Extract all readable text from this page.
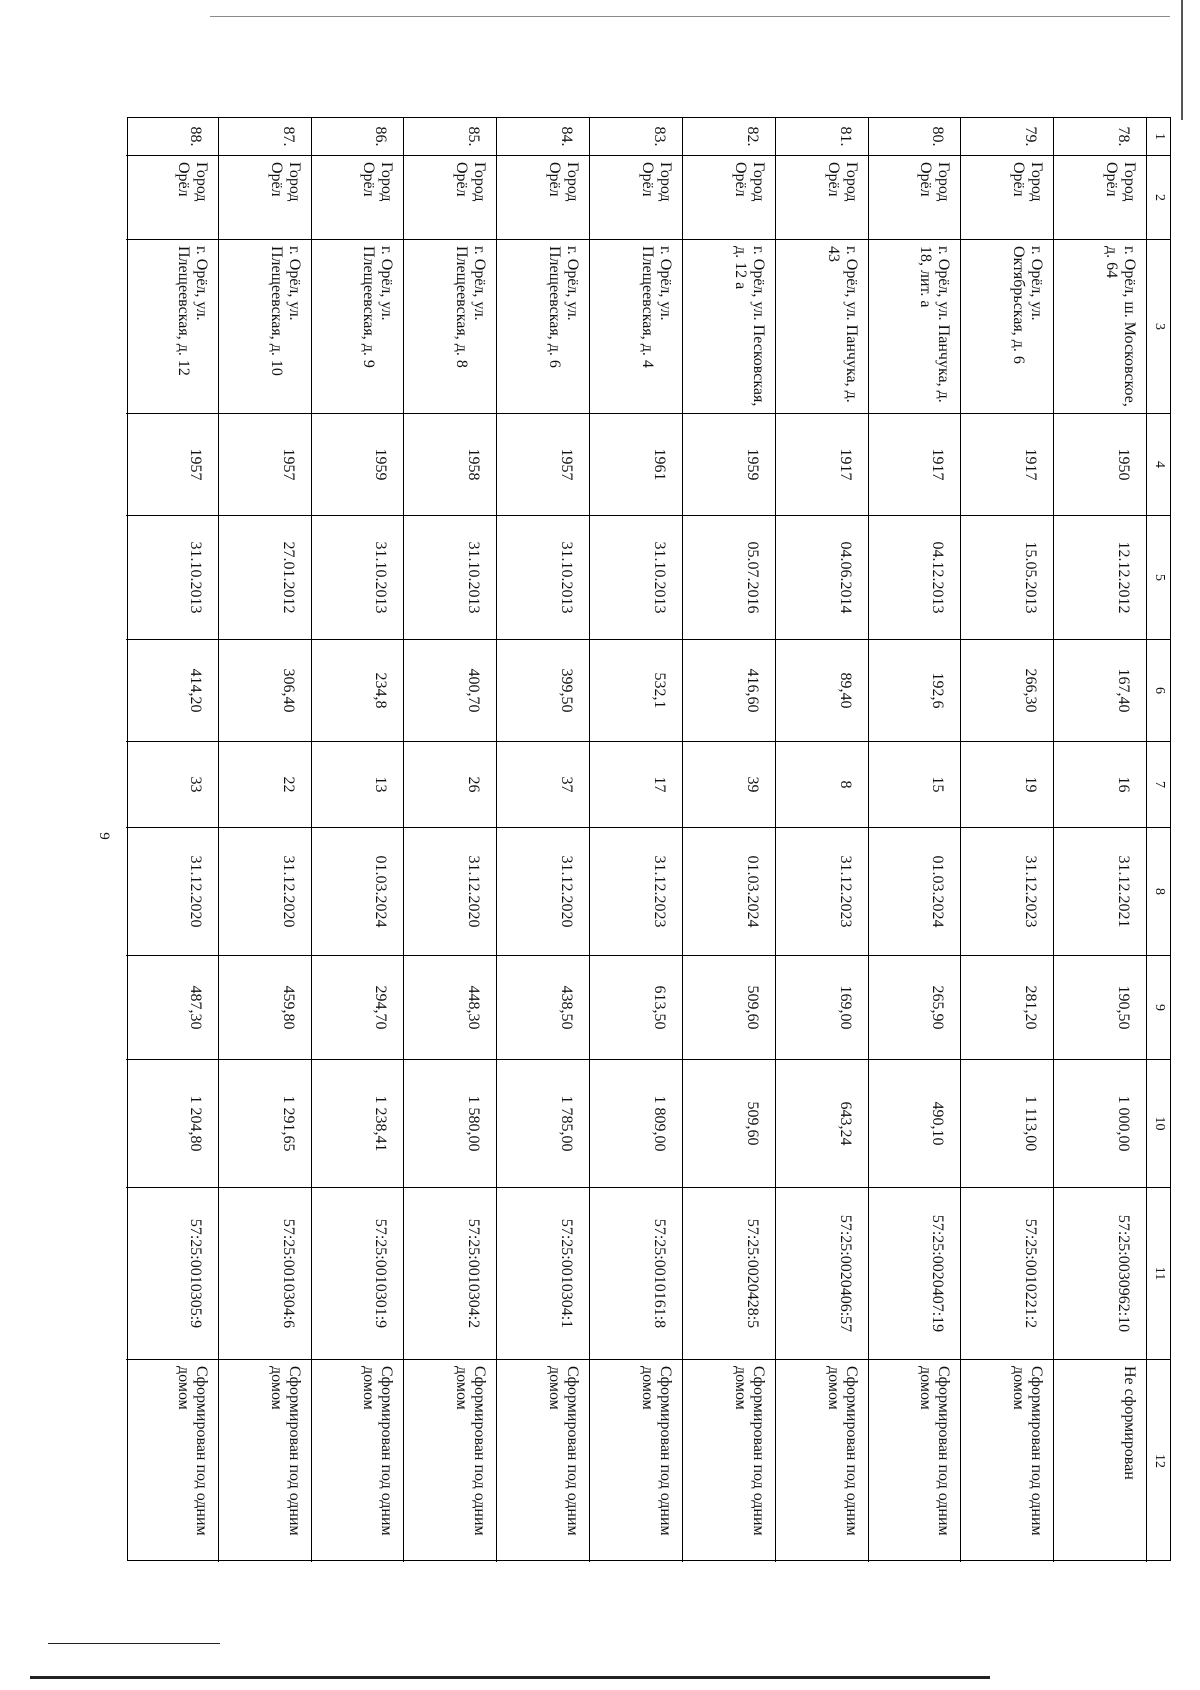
9
1
2
3
4
5
6
7
8
9
10
11
12
78.
Город Орёл
г. Орёл, ш. Московское, д. 64
1950
12.12.2012
167,40
16
31.12.2021
190,50
1 000,00
57:25:0030962:10
Не сформирован
79.
Город Орёл
г. Орёл, ул. Октябрьская, д. 6
1917
15.05.2013
266,30
19
31.12.2023
281,20
1 113,00
57:25:0010221:2
Сформирован под одним домом
80.
Город Орёл
г. Орёл, ул. Панчука, д. 18, лит. а
1917
04.12.2013
192,6
15
01.03.2024
265,90
490,10
57:25:0020407:19
Сформирован под одним домом
81.
Город Орёл
г. Орёл, ул. Панчука, д. 43
1917
04.06.2014
89,40
8
31.12.2023
169,00
643,24
57:25:0020406:57
Сформирован под одним домом
82.
Город Орёл
г. Орёл, ул. Песковская, д. 12 а
1959
05.07.2016
416,60
39
01.03.2024
509,60
509,60
57:25:0020428:5
Сформирован под одним домом
83.
Город Орёл
г. Орёл, ул. Плещеевская, д. 4
1961
31.10.2013
532,1
17
31.12.2023
613,50
1 809,00
57:25:0010161:8
Сформирован под одним домом
84.
Город Орёл
г. Орёл, ул. Плещеевская, д. 6
1957
31.10.2013
399,50
37
31.12.2020
438,50
1 785,00
57:25:0010304:1
Сформирован под одним домом
85.
Город Орёл
г. Орёл, ул. Плещеевская, д. 8
1958
31.10.2013
400,70
26
31.12.2020
448,30
1 580,00
57:25:0010304:2
Сформирован под одним домом
86.
Город Орёл
г. Орёл, ул. Плещеевская, д. 9
1959
31.10.2013
234,8
13
01.03.2024
294,70
1 238,41
57:25:0010301:9
Сформирован под одним домом
87.
Город Орёл
г. Орёл, ул. Плещеевская, д. 10
1957
27.01.2012
306,40
22
31.12.2020
459,80
1 291,65
57:25:0010304:6
Сформирован под одним домом
88.
Город Орёл
г. Орёл, ул. Плещеевская, д. 12
1957
31.10.2013
414,20
33
31.12.2020
487,30
1 204,80
57:25:0010305:9
Сформирован под одним домом
